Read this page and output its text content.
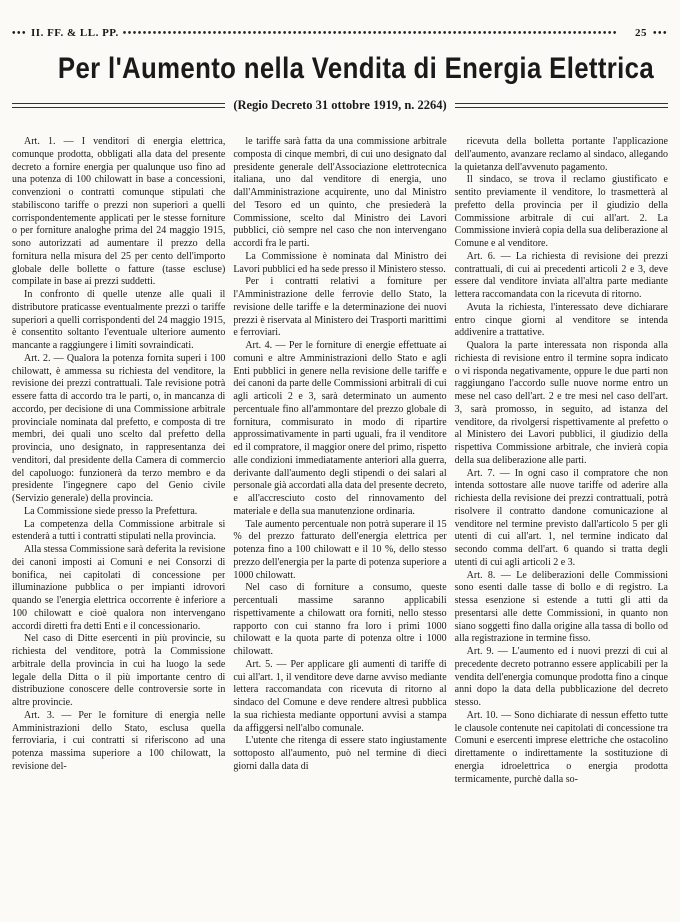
••• II. FF. & LL. PP. •••••••••••••••••••••••••••••••••••••••••••••••••••••••••••••••••••••••••••••••••••••••••••••••••••	25 •••
Per l'Aumento nella Vendita di Energia Elettrica
(Regio Decreto 31 ottobre 1919, n. 2264)

Art. 1. — I venditori di energia elettrica, comunque prodotta, obbligati alla data del presente decreto a fornire energia per qualunque uso fino ad una potenza di 100 chilowatt in base a concessioni, convenzioni o contratti comunque stipulati che stabiliscono tariffe o prezzi non superiori a quelli corrispondentemente applicati per le stesse forniture o per forniture analoghe prima del 24 maggio 1915, sono autorizzati ad aumentare il prezzo della fornitura nella misura del 25 per cento dell'importo globale delle bollette o fatture (tasse escluse) compilate in base ai prezzi suddetti.

In confronto di quelle utenze alle quali il distributore praticasse eventualmente prezzi o tariffe superiori a quelli corrispondenti del 24 maggio 1915, è consentito soltanto l'eventuale ulteriore aumento mancante a raggiungere i limiti sovraindicati.

Art. 2. — Qualora la potenza fornita superi i 100 chilowatt, è ammessa su richiesta del venditore, la revisione dei prezzi contrattuali. Tale revisione potrà essere fatta di accordo tra le parti, o, in mancanza di accordo, per decisione di una Commissione arbitrale provinciale nominata dal prefetto, e composta di tre membri, dei quali uno scelto dal prefetto della provincia, uno designato, in rappresentanza dei venditori, dal presidente della Camera di commercio del capoluogo: funzionerà da terzo membro e da presidente l'ingegnere capo del Genio civile (Servizio generale) della provincia.

La Commissione siede presso la Prefettura.

La competenza della Commissione arbitrale si estenderà a tutti i contratti stipulati nella provincia.

Alla stessa Commissione sarà deferita la revisione dei canoni imposti ai Comuni e nei Consorzi di bonifica, nei capitolati di concessione per illuminazione pubblica o per impianti idrovori quando se l'energia elettrica occorrente è inferiore a 100 chilowatt e cioè qualora non intervengano accordi diretti fra detti Enti e il concessionario.

Nel caso di Ditte esercenti in più provincie, su richiesta del venditore, potrà la Commissione arbitrale della provincia in cui ha luogo la sede legale della Ditta o il più importante centro di distribuzione conoscere delle controversie sorte in altre provincie.

Art. 3. — Per le forniture di energia nelle Amministrazioni dello Stato, esclusa quella ferroviaria, i cui contratti si riferiscono ad una potenza massima superiore a 100 chilowatt, la revisione del-

le tariffe sarà fatta da una commissione arbitrale composta di cinque membri, di cui uno designato dal presidente generale dell'Associazione elettrotecnica italiana, uno dal venditore di energia, uno dall'Amministrazione acquirente, uno dal Ministro del Tesoro ed un quinto, che presiederà la Commissione, scelto dal Ministro dei Lavori pubblici, ciò sempre nel caso che non intervengano accordi fra le parti.

La Commissione è nominata dal Ministro dei Lavori pubblici ed ha sede presso il Ministero stesso.

Per i contratti relativi a forniture per l'Amministrazione delle ferrovie dello Stato, la revisione delle tariffe e la determinazione dei nuovi prezzi è riservata al Ministero dei Trasporti marittimi e ferroviari.

Art. 4. — Per le forniture di energie effettuate ai comuni e altre Amministrazioni dello Stato e agli Enti pubblici in genere nella revisione delle tariffe e dei canoni da parte delle Commissioni arbitrali di cui agli articoli 2 e 3, sarà determinato un aumento percentuale fino all'ammontare del prezzo globale di fornitura, commisurato in modo di ripartire approssimativamente in parti uguali, fra il venditore ed il compratore, il maggior onere del primo, rispetto alle condizioni immediatamente anteriori alla guerra, derivante dall'aumento degli stipendi o dei salari al personale già accordati alla data del presente decreto, e all'accresciuto costo del rinnovamento del materiale e della sua manutenzione ordinaria.

Tale aumento percentuale non potrà superare il 15 % del prezzo fatturato dell'energia elettrica per potenza fino a 100 chilowatt e il 10 %, dello stesso prezzo dell'energia per la parte di potenza superiore a 1000 chilowatt.

Nel caso di forniture a consumo, queste percentuali massime saranno applicabili rispettivamente a chilowatt ora forniti, nello stesso rapporto con cui stanno fra loro i primi 1000 chilowatt e la quota parte di potenza oltre i 1000 chilowatt.

Art. 5. — Per applicare gli aumenti di tariffe di cui all'art. 1, il venditore deve darne avviso mediante lettera raccomandata con ricevuta di ritorno al sindaco del Comune e deve rendere altresì pubblica la sua richiesta mediante opportuni avvisi a stampa da affiggersi nell'albo comunale.

L'utente che ritenga di essere stato ingiustamente sottoposto all'aumento, può nel termine di dieci giorni dalla data di

ricevuta della bolletta portante l'applicazione dell'aumento, avanzare reclamo al sindaco, allegando la quietanza dell'avvenuto pagamento.

Il sindaco, se trova il reclamo giustificato e sentito previamente il venditore, lo trasmetterà al prefetto della provincia per il giudizio della Commissione arbitrale di cui all'art. 2. La Commissione invierà copia della sua deliberazione al Comune e al venditore.

Art. 6. — La richiesta di revisione dei prezzi contrattuali, di cui ai precedenti articoli 2 e 3, deve essere dal venditore inviata all'altra parte mediante lettera raccomandata con la ricevuta di ritorno.

Avuta la richiesta, l'interessato deve dichiarare entro cinque giorni al venditore se intenda addivenire a trattative.

Qualora la parte interessata non risponda alla richiesta di revisione entro il termine sopra indicato o vi risponda negativamente, oppure le due parti non raggiungano l'accordo sulle nuove norme entro un mese nel caso dell'art. 2 e tre mesi nel caso dell'art. 3, sarà promosso, in seguito, ad istanza del venditore, da rivolgersi rispettivamente al prefetto o al Ministero dei Lavori pubblici, il giudizio della rispettiva Commissione arbitrale, che invierà copia della sua deliberazione alle parti.

Art. 7. — In ogni caso il compratore che non intenda sottostare alle nuove tariffe od aderire alla richiesta della revisione dei prezzi contrattuali, potrà risolvere il contratto dandone comunicazione al venditore nel termine previsto dall'articolo 5 per gli utenti di cui all'art. 1, nel termine indicato dal secondo comma dell'art. 6 quando si tratta degli utenti di cui agli articoli 2 e 3.

Art. 8. — Le deliberazioni delle Commissioni sono esenti dalle tasse di bollo e di registro. La stessa esenzione si estende a tutti gli atti da presentarsi alle dette Commissioni, in quanto non siano soggetti fino dalla origine alla tassa di bollo od alla registrazione in termine fisso.

Art. 9. — L'aumento ed i nuovi prezzi di cui al precedente decreto potranno essere applicabili per la vendita dell'energia comunque prodotta fino a cinque anni dopo la data della pubblicazione del decreto stesso.

Art. 10. — Sono dichiarate di nessun effetto tutte le clausole contenute nei capitolati di concessione tra Comuni e esercenti imprese elettriche che ostacolino direttamente o indirettamente la sostituzione di energia idroelettrica o energia prodotta termicamente, purchè dalla so-
